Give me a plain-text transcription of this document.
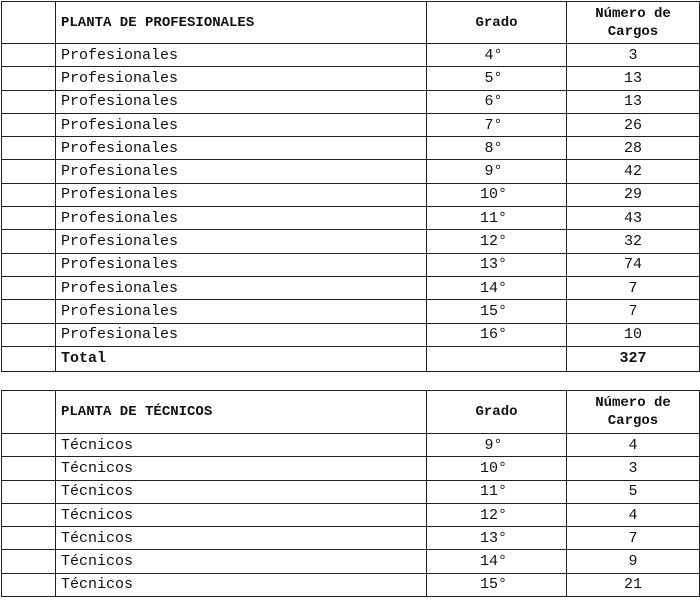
	PLANTA DE PROFESIONALES	Grado	Número de
Cargos
	Profesionales	4°	3
	Profesionales	5°	13
	Profesionales	6°	13
	Profesionales	7°	26
	Profesionales	8°	28
	Profesionales	9°	42
	Profesionales	10°	29
	Profesionales	11°	43
	Profesionales	12°	32
	Profesionales	13°	74
	Profesionales	14°	7
	Profesionales	15°	7
	Profesionales	16°	10
	Total		327
	PLANTA DE TÉCNICOS	Grado	Número de
Cargos
	Técnicos	9°	4
	Técnicos	10°	3
	Técnicos	11°	5
	Técnicos	12°	4
	Técnicos	13°	7
	Técnicos	14°	9
	Técnicos	15°	21
